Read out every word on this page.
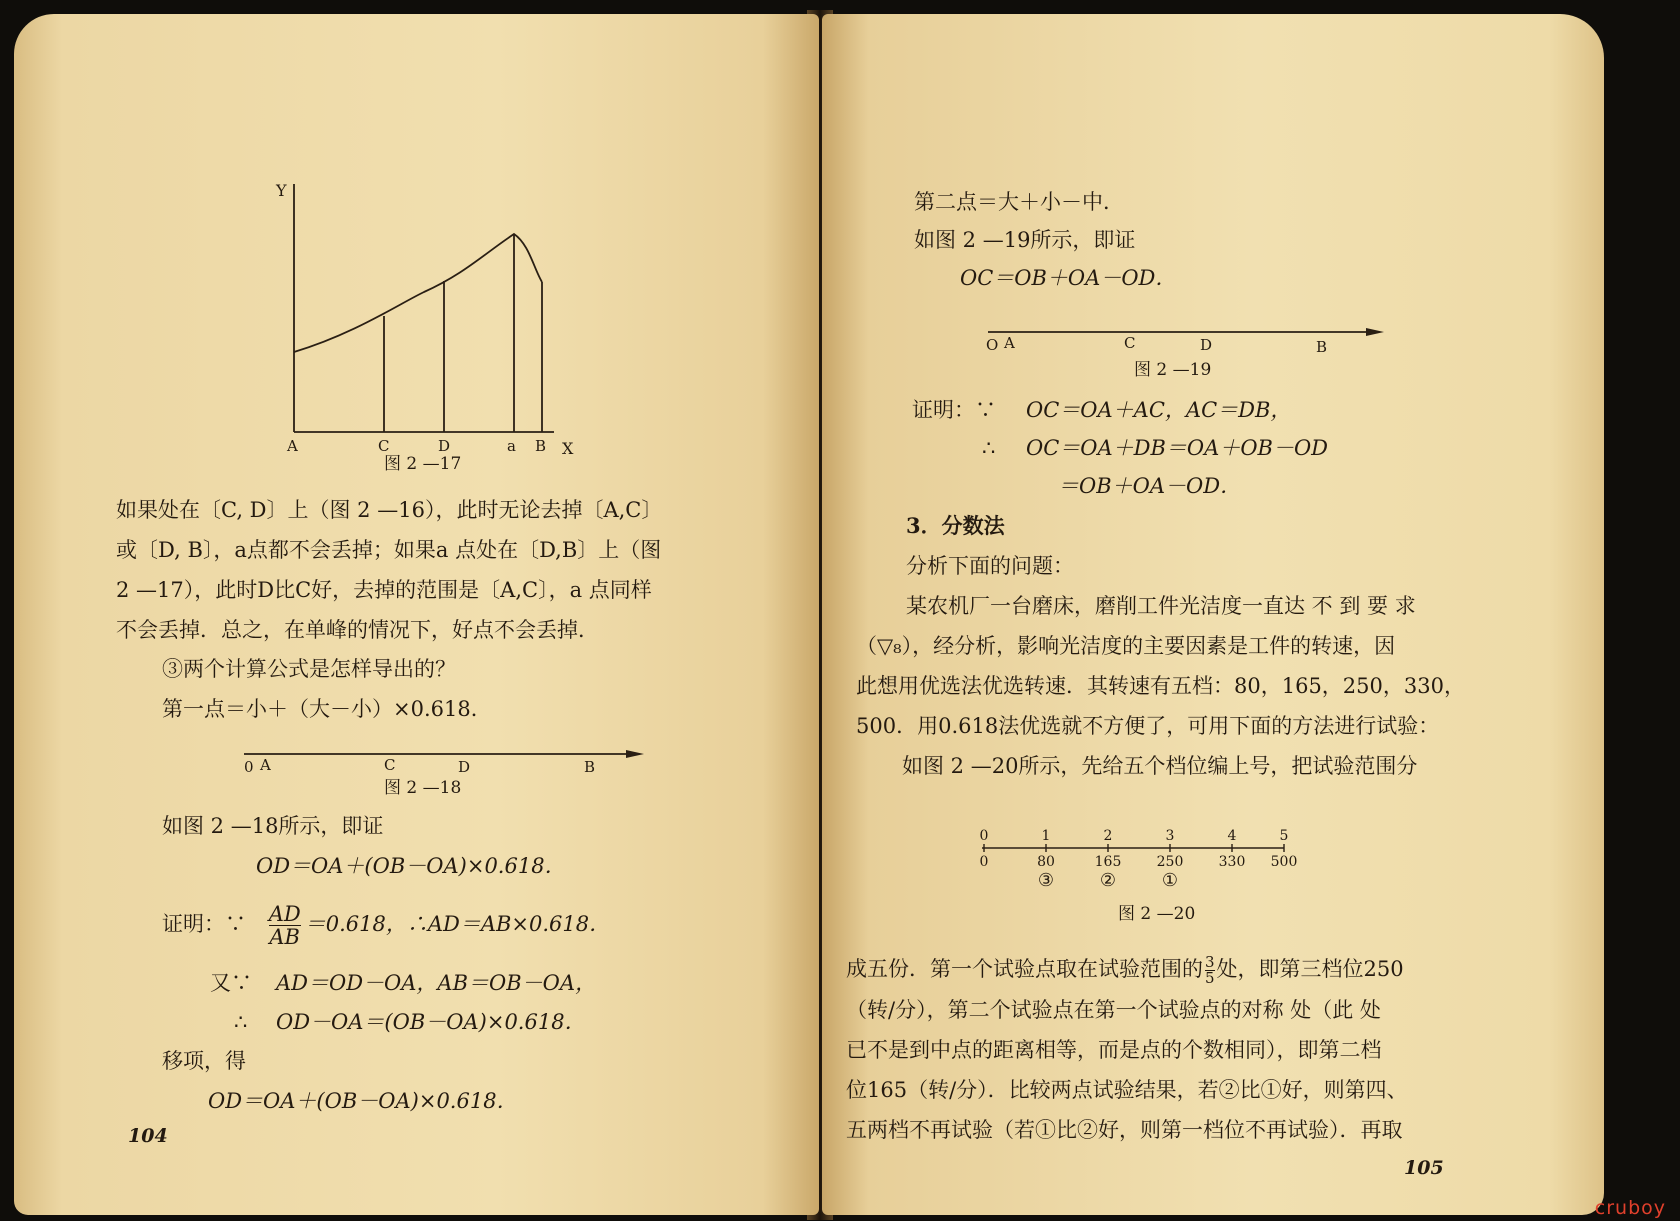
Y
X
A	C	D	a B
图 2 —17
如果处在〔C, D〕上（图 2 —16），此时无论去掉〔A,C〕
或〔D, B〕，a点都不会丢掉；如果a 点处在〔D,B〕上（图
2 —17），此时D比C好，去掉的范围是〔A,C〕，a 点同样
不会丢掉．总之，在单峰的情况下，好点不会丢掉．
③两个计算公式是怎样导出的？
第一点＝小＋（大－小）×0.618．
0 A	C	D	B
图 2 —18
如图 2 —18所示，即证
OD＝OA＋(OB－OA)×0.618．
证明：∵ $\frac{AD}{AB} =0.618$，∴AD＝AB×0.618．
又∵ AD＝OD－OA，AB＝OB－OA，
∴ OD－OA＝(OB－OA)×0.618．
移项，得
OD＝OA＋(OB－OA)×0.618．
104
第二点＝大＋小－中．
如图 2 —19所示，即证
OC＝OB＋OA－OD．
O A	C	D	B
图 2 —19
证明：∵ OC＝OA＋AC，AC＝DB，
∴ OC＝OA＋DB＝OA＋OB－OD
＝OB＋OA－OD．
3．分数法
分析下面的问题：
某农机厂一台磨床，磨削工件光洁度一直达 不 到 要 求
（▽₈），经分析，影响光洁度的主要因素是工件的转速，因
此想用优选法优选转速．其转速有五档：80，165，250，330，
500．用0.618法优选就不方便了，可用下面的方法进行试验：
如图 2 —20所示，先给五个档位编上号，把试验范围分
0	1	2	3	4	5
0	80	165	250	330 500
③	②	①
图 2 —20
成五份．第一个试验点取在试验范围的 $\frac{3}{5}$ 处，即第三档位250
（转/分），第二个试验点在第一个试验点的对称 处（此 处
已不是到中点的距离相等，而是点的个数相同），即第二档
位165（转/分）．比较两点试验结果，若②比①好，则第四、
五两档不再试验（若①比②好，则第一档位不再试验）．再取
105
cruboy
